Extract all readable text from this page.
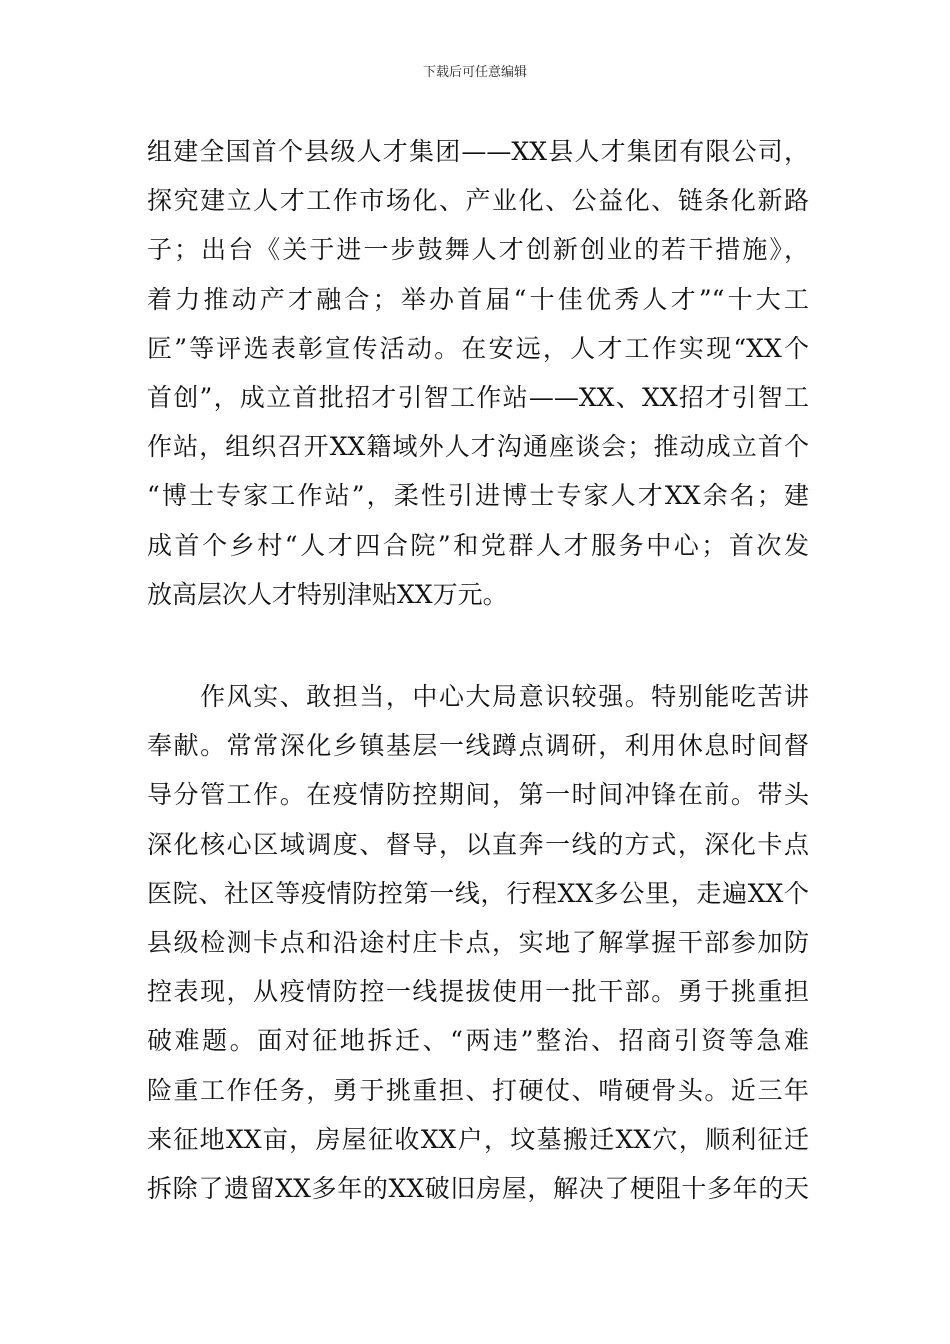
下载后可任意编辑
组建全国首个县级人才集团——XX县人才集团有限公司，
探究建立人才工作市场化、产业化、公益化、链条化新路
子；出台《关于进一步鼓舞人才创新创业的若干措施》，
着力推动产才融合；举办首届“十佳优秀人才”“十大工
匠”等评选表彰宣传活动。在安远，人才工作实现“XX个
首创”，成立首批招才引智工作站——XX、XX招才引智工
作站，组织召开XX籍域外人才沟通座谈会；推动成立首个
“博士专家工作站”，柔性引进博士专家人才XX余名；建
成首个乡村“人才四合院”和党群人才服务中心；首次发
放高层次人才特别津贴XX万元。
　　作风实、敢担当，中心大局意识较强。特别能吃苦讲
奉献。常常深化乡镇基层一线蹲点调研，利用休息时间督
导分管工作。在疫情防控期间，第一时间冲锋在前。带头
深化核心区域调度、督导，以直奔一线的方式，深化卡点
医院、社区等疫情防控第一线，行程XX多公里，走遍XX个
县级检测卡点和沿途村庄卡点，实地了解掌握干部参加防
控表现，从疫情防控一线提拔使用一批干部。勇于挑重担
破难题。面对征地拆迁、“两违”整治、招商引资等急难
险重工作任务，勇于挑重担、打硬仗、啃硬骨头。近三年
来征地XX亩，房屋征收XX户，坟墓搬迁XX穴，顺利征迁
拆除了遗留XX多年的XX破旧房屋，解决了梗阻十多年的天
